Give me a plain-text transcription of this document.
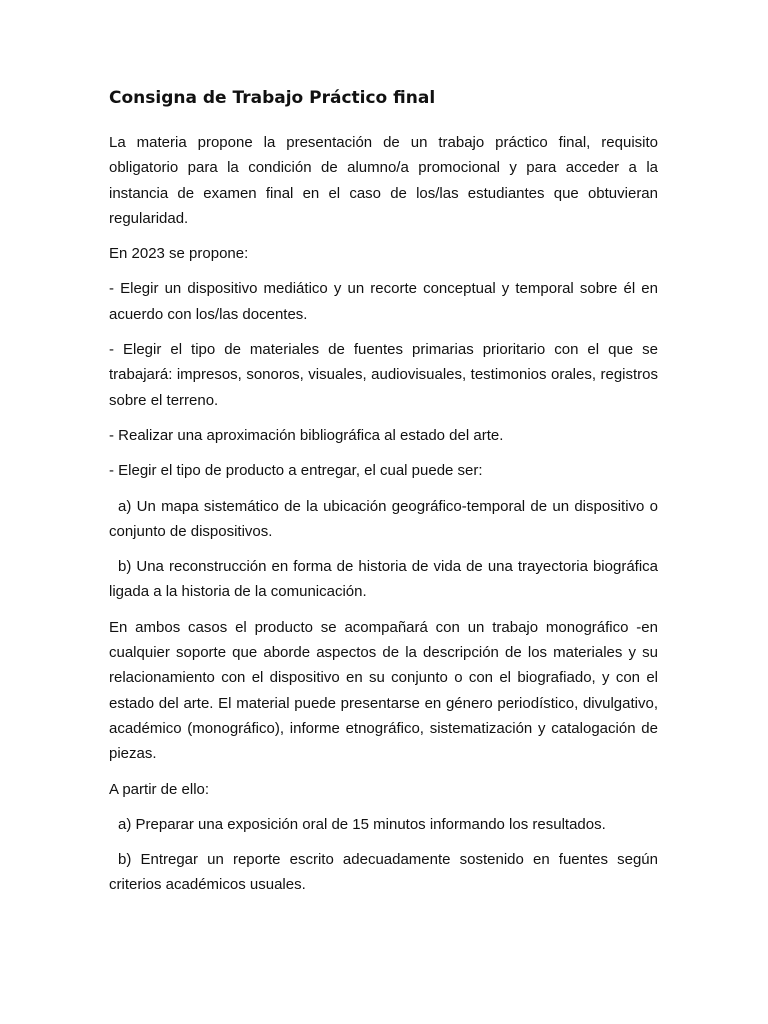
Consigna de Trabajo Práctico final

La materia propone la presentación de un trabajo práctico final, requisito obligatorio para la condición de alumno/a promocional y para acceder a la instancia de examen final en el caso de los/las estudiantes que obtuvieran regularidad.

En 2023 se propone:

- Elegir un dispositivo mediático y un recorte conceptual y temporal sobre él en acuerdo con los/las docentes.

- Elegir el tipo de materiales de fuentes primarias prioritario con el que se trabajará: impresos, sonoros, visuales, audiovisuales, testimonios orales, registros sobre el terreno.

- Realizar una aproximación bibliográfica al estado del arte.

- Elegir el tipo de producto a entregar, el cual puede ser:

a) Un mapa sistemático de la ubicación geográfico-temporal de un dispositivo o conjunto de dispositivos.

b) Una reconstrucción en forma de historia de vida de una trayectoria biográfica ligada a la historia de la comunicación.

En ambos casos el producto se acompañará con un trabajo monográfico -en cualquier soporte que aborde aspectos de la descripción de los materiales y su relacionamiento con el dispositivo en su conjunto o con el biografiado, y con el estado del arte. El material puede presentarse en género periodístico, divulgativo, académico (monográfico), informe etnográfico, sistematización y catalogación de piezas.

A partir de ello:

a) Preparar una exposición oral de 15 minutos informando los resultados.

b) Entregar un reporte escrito adecuadamente sostenido en fuentes según criterios académicos usuales.
